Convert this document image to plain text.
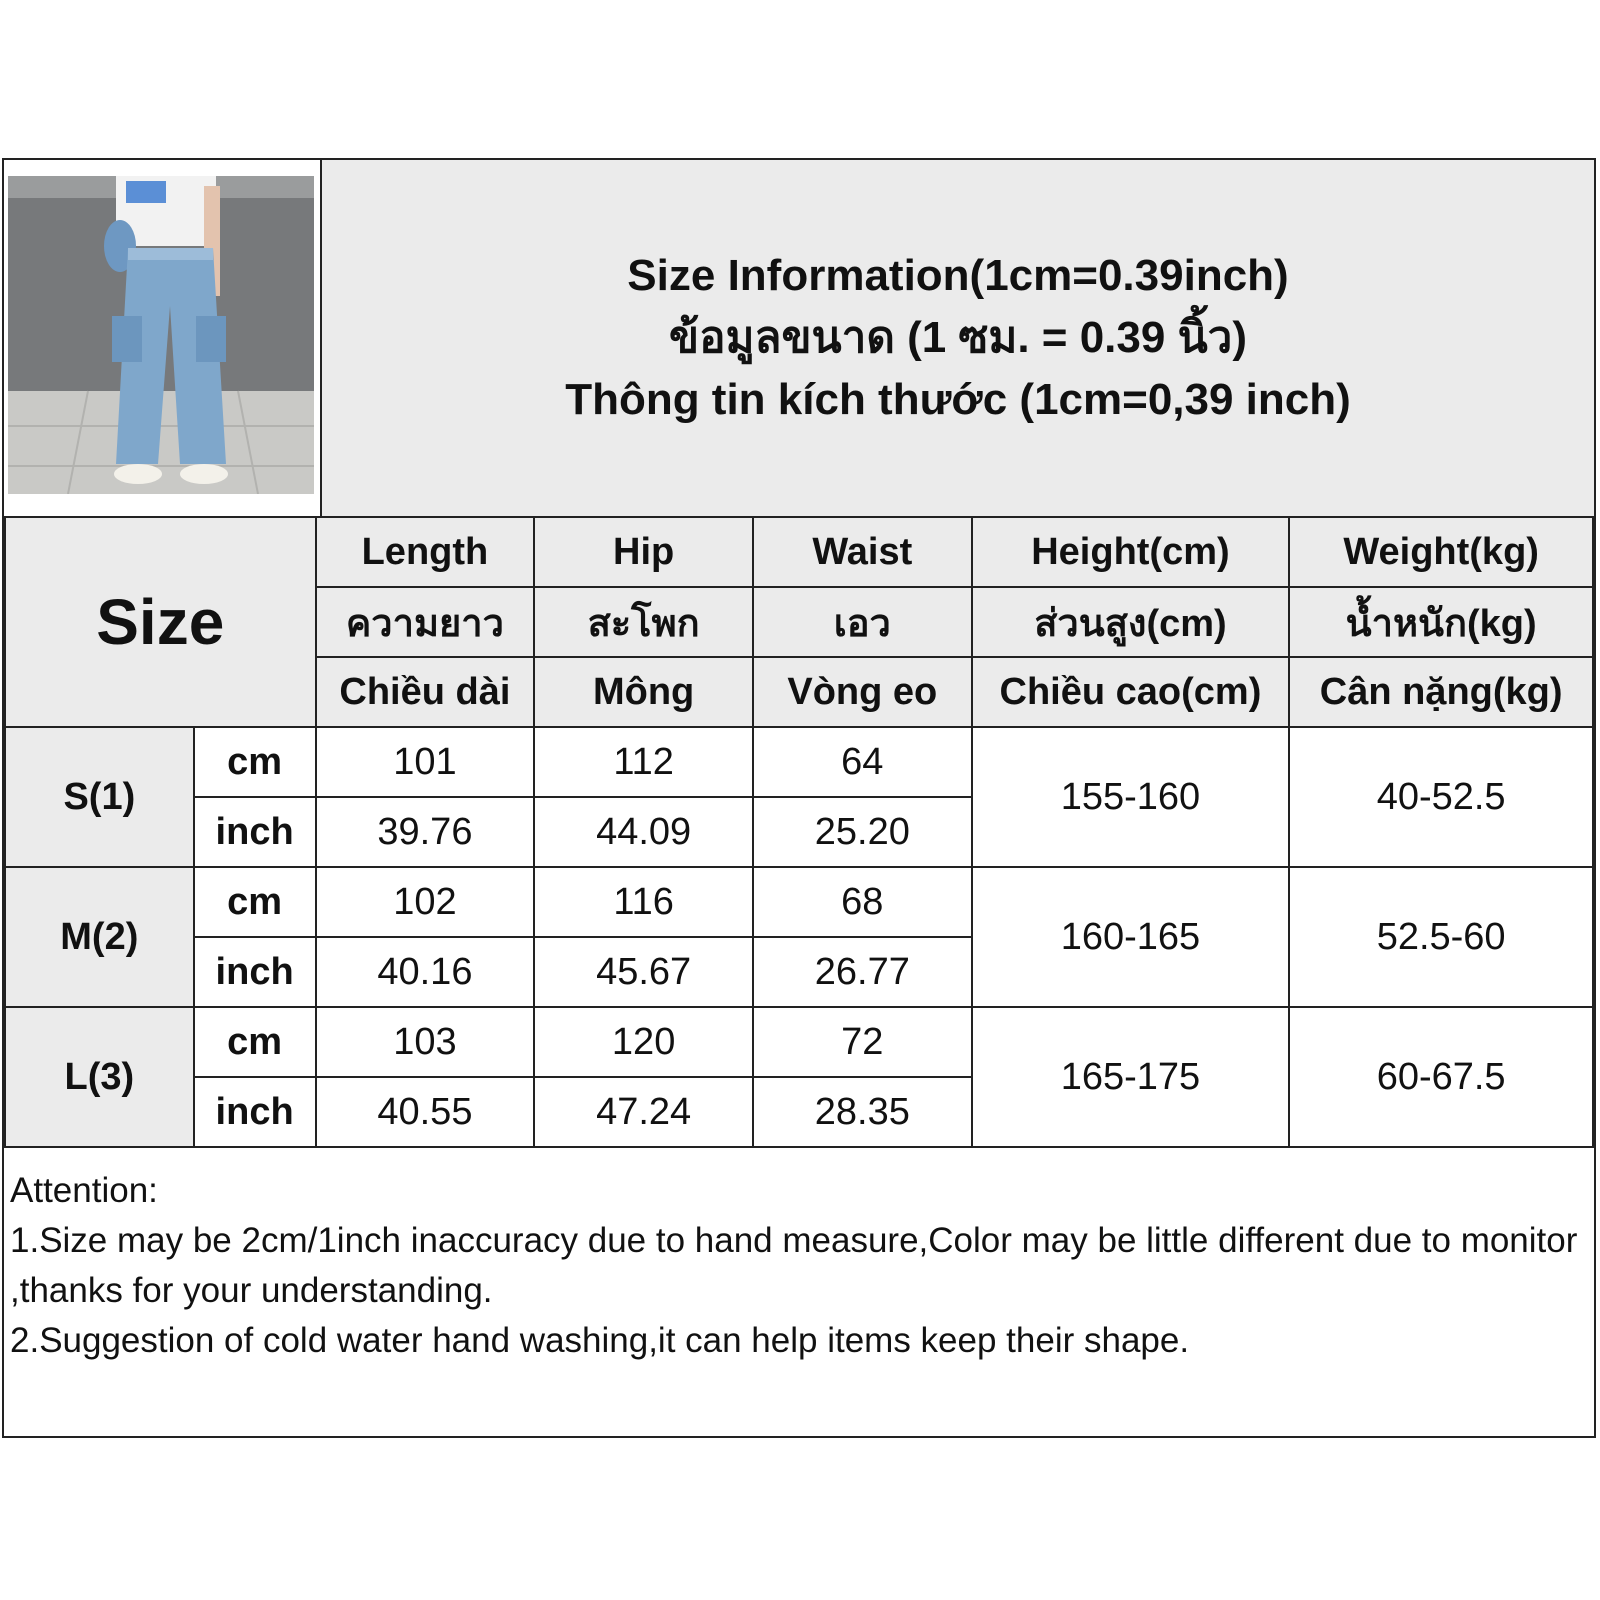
Size Information(1cm=0.39inch)
ข้อมูลขนาด (1 ซม. = 0.39 นิ้ว)
Thông tin kích thước (1cm=0,39 inch)
Size		Length	Hip	Waist	Height(cm)	Weight(kg)
		ความยาว	สะโพก	เอว	ส่วนสูง(cm)	น้ำหนัก(kg)
		Chiều dài	Mông	Vòng eo	Chiều cao(cm)	Cân nặng(kg)
S(1)	cm	101	112	64	155-160	40-52.5
	inch	39.76	44.09	25.20		
M(2)	cm	102	116	68	160-165	52.5-60
	inch	40.16	45.67	26.77		
L(3)	cm	103	120	72	165-175	60-67.5
	inch	40.55	47.24	28.35		

Attention:

1.Size may be 2cm/1inch inaccuracy due to hand measure,Color may be little different due to monitor ,thanks for your understanding.

2.Suggestion of cold water hand washing,it can help items keep their shape.
